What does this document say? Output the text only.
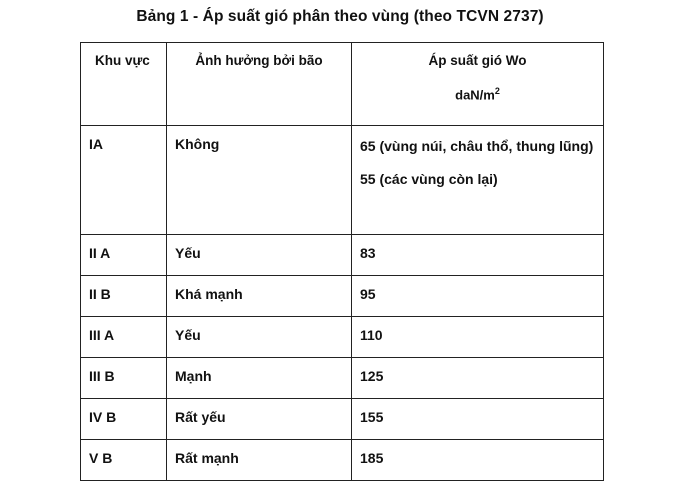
Bảng 1 - Áp suất gió phân theo vùng (theo TCVN 2737)
Khu vực	Ảnh hưởng bởi bão	Áp suất gió Wo
daN/$m^2$

IA	Không	65 (vùng núi, châu thổ, thung lũng)
55 (các vùng còn lại)

II A	Yếu	83
II B	Khá mạnh	95
III A	Yếu	110
III B	Mạnh	125
IV B	Rất yếu	155
V B	Rất mạnh	185
